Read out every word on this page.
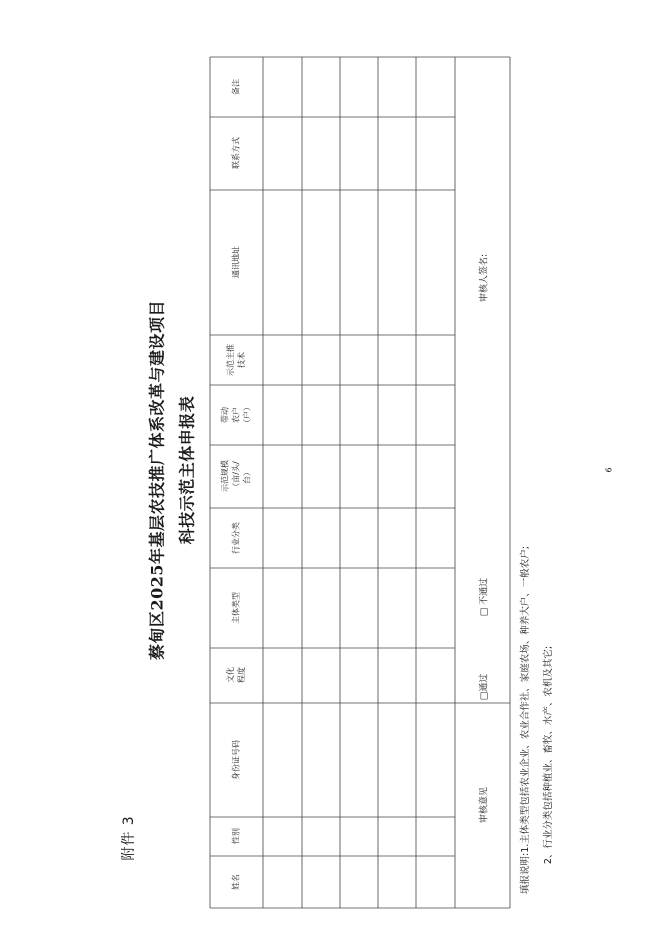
附件 3
蔡甸区2025年基层农技推广体系改革与建设项目 科技示范主体申报表
姓名
性别
身份证号码
文化
程度
主体类型
行业分类
示范规模
（亩/头/
台）
带动
农户
（户）
示范主推
技术
通讯地址
联系方式
备注
审核意见
□通过
□ 不通过
审核人签名:
填报说明:1.主体类型包括农业企业、农业合作社、家庭农场、种养大户、一般农户;	2、行业分类包括种植业、畜牧、水产、农机及其它;
6
